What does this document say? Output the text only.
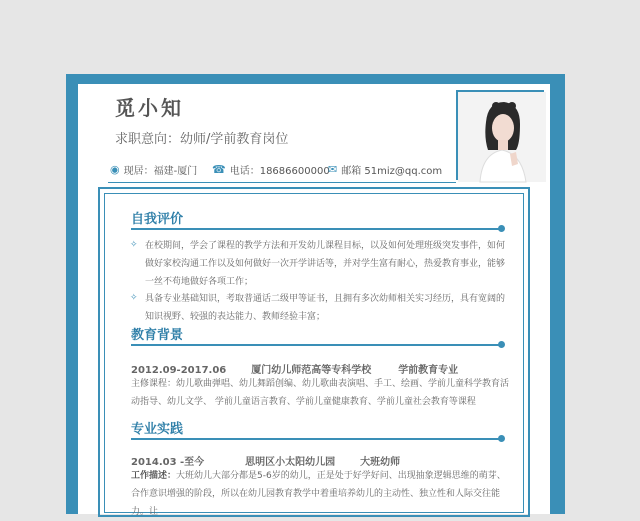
觅小知
求职意向：幼师/学前教育岗位
◉ 现居：福建-厦门 ☎ 电话：18686600000
✉ 邮箱 51miz@qq.com
自我评价
✧ 在校期间，学会了课程的教学方法和开发幼儿课程目标，以及如何处理班级突发事件，如何做好家校沟通工作以及如何做好一次开学讲话等，并对学生富有耐心，热爱教育事业，能够一丝不苟地做好各项工作；
✧ 具备专业基础知识，考取普通话二级甲等证书，且拥有多次幼师相关实习经历，具有宽阔的知识视野、较强的表达能力、教师经验丰富；
教育背景
2012.09-2017.06 厦门幼儿师范高等专科学校	学前教育专业
主修课程：幼儿歌曲弹唱、幼儿舞蹈创编、幼儿歌曲表演唱、手工、绘画、学前儿童科学教育活动指导、幼儿文学、 学前儿童语言教育、学前儿童健康教育、学前儿童社会教育等课程
专业实践
2014.03 -至今	思明区小太阳幼儿园 大班幼师
工作描述：大班幼儿大部分都是5-6岁的幼儿，正是处于好学好问、出现抽象逻辑思维的萌芽、合作意识增强的阶段，所以在幼儿园教育教学中着重培养幼儿的主动性、独立性和人际交往能力。让
